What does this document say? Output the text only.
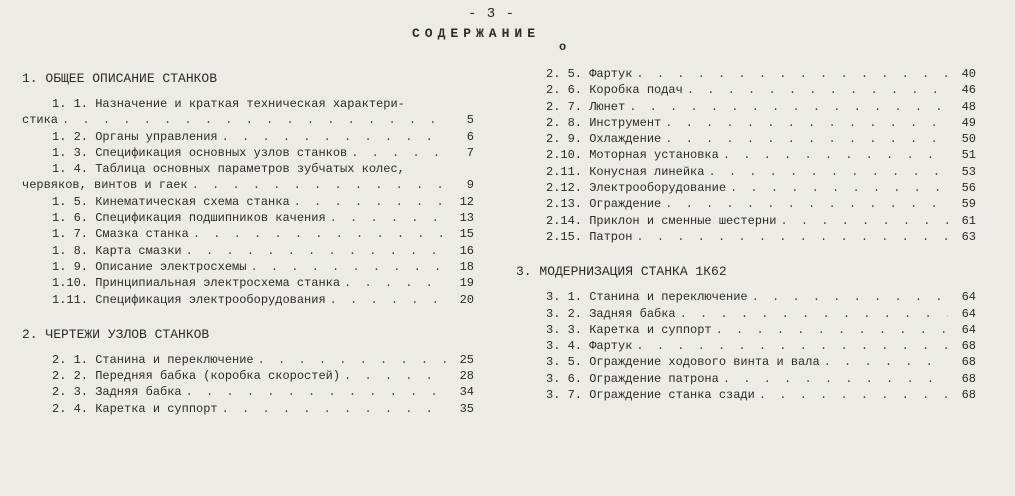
- 3 -
СОДЕРЖАНИЕ
о
1. ОБЩЕЕ ОПИСАНИЕ СТАНКОВ
1. 1. Назначение и краткая техническая характери-
стика . . .	5
1. 2. Органы управления . . .	6
1. 3. Спецификация основных узлов станков . . .	7
1. 4. Таблица основных параметров зубчатых колес,
червяков, винтов и гаек . . .	9
1. 5. Кинематическая схема станка . . .	12
1. 6. Спецификация подшипников качения . . .	13
1. 7. Смазка станка . . .	15
1. 8. Карта смазки . . .	16
1. 9. Описание электросхемы . . .	18
1.10. Принципиальная электросхема станка . . .	19
1.11. Спецификация электрооборудования . . .	20
2. ЧЕРТЕЖИ УЗЛОВ СТАНКОВ
2. 1. Станина и переключение . . .	25
2. 2. Передняя бабка (коробка скоростей) . . .	28
2. 3. Задняя бабка . . .	34
2. 4. Каретка и суппорт . . .	35
2. 5. Фартук . . .	40
2. 6. Коробка подач . . .	46
2. 7. Люнет . . .	48
2. 8. Инструмент . . .	49
2. 9. Охлаждение . . .	50
2.10. Моторная установка . . .	51
2.11. Конусная линейка . . .	53
2.12. Электрооборудование . . .	56
2.13. Ограждение . . .	59
2.14. Приклон и сменные шестерни . . .	61
2.15. Патрон . . .	63
3. МОДЕРНИЗАЦИЯ СТАНКА 1К62
3. 1. Станина и переключение . . .	64
3. 2. Задняя бабка . . .	64
3. 3. Каретка и суппорт . . .	64
3. 4. Фартук . . .	68
3. 5. Ограждение ходового винта и вала . . .	68
3. 6. Ограждение патрона . . .	68
3. 7. Ограждение станка сзади . . .	68
